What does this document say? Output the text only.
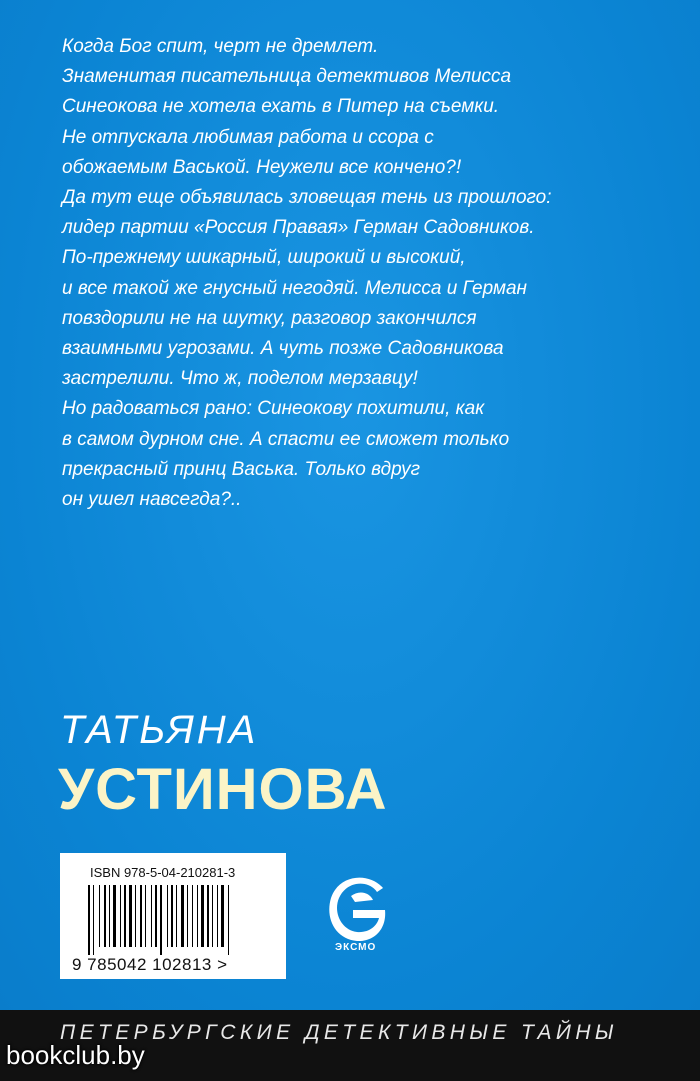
Когда Бог спит, черт не дремлет.

Знаменитая писательница детективов Мелисса

Синеокова не хотела ехать в Питер на съемки.

Не отпускала любимая работа и ссора с

обожаемым Васькой. Неужели все кончено?!

Да тут еще объявилась зловещая тень из прошлого:

лидер партии «Россия Правая» Герман Садовников.

По-прежнему шикарный, широкий и высокий,

и все такой же гнусный негодяй. Мелисса и Герман

повздорили не на шутку, разговор закончился

взаимными угрозами. А чуть позже Садовникова

застрелили. Что ж, поделом мерзавцу!

Но радоваться рано: Синеокову похитили, как

в самом дурном сне. А спасти ее сможет только

прекрасный принц Васька. Только вдруг

он ушел навсегда?..

ТАТЬЯНА
УСТИНОВА
ISBN 978-5-04-210281-3
9 785042 102813 >
ЭКСМО
ПЕТЕРБУРГСКИЕ ДЕТЕКТИВНЫЕ ТАЙНЫ
bookclub.by
